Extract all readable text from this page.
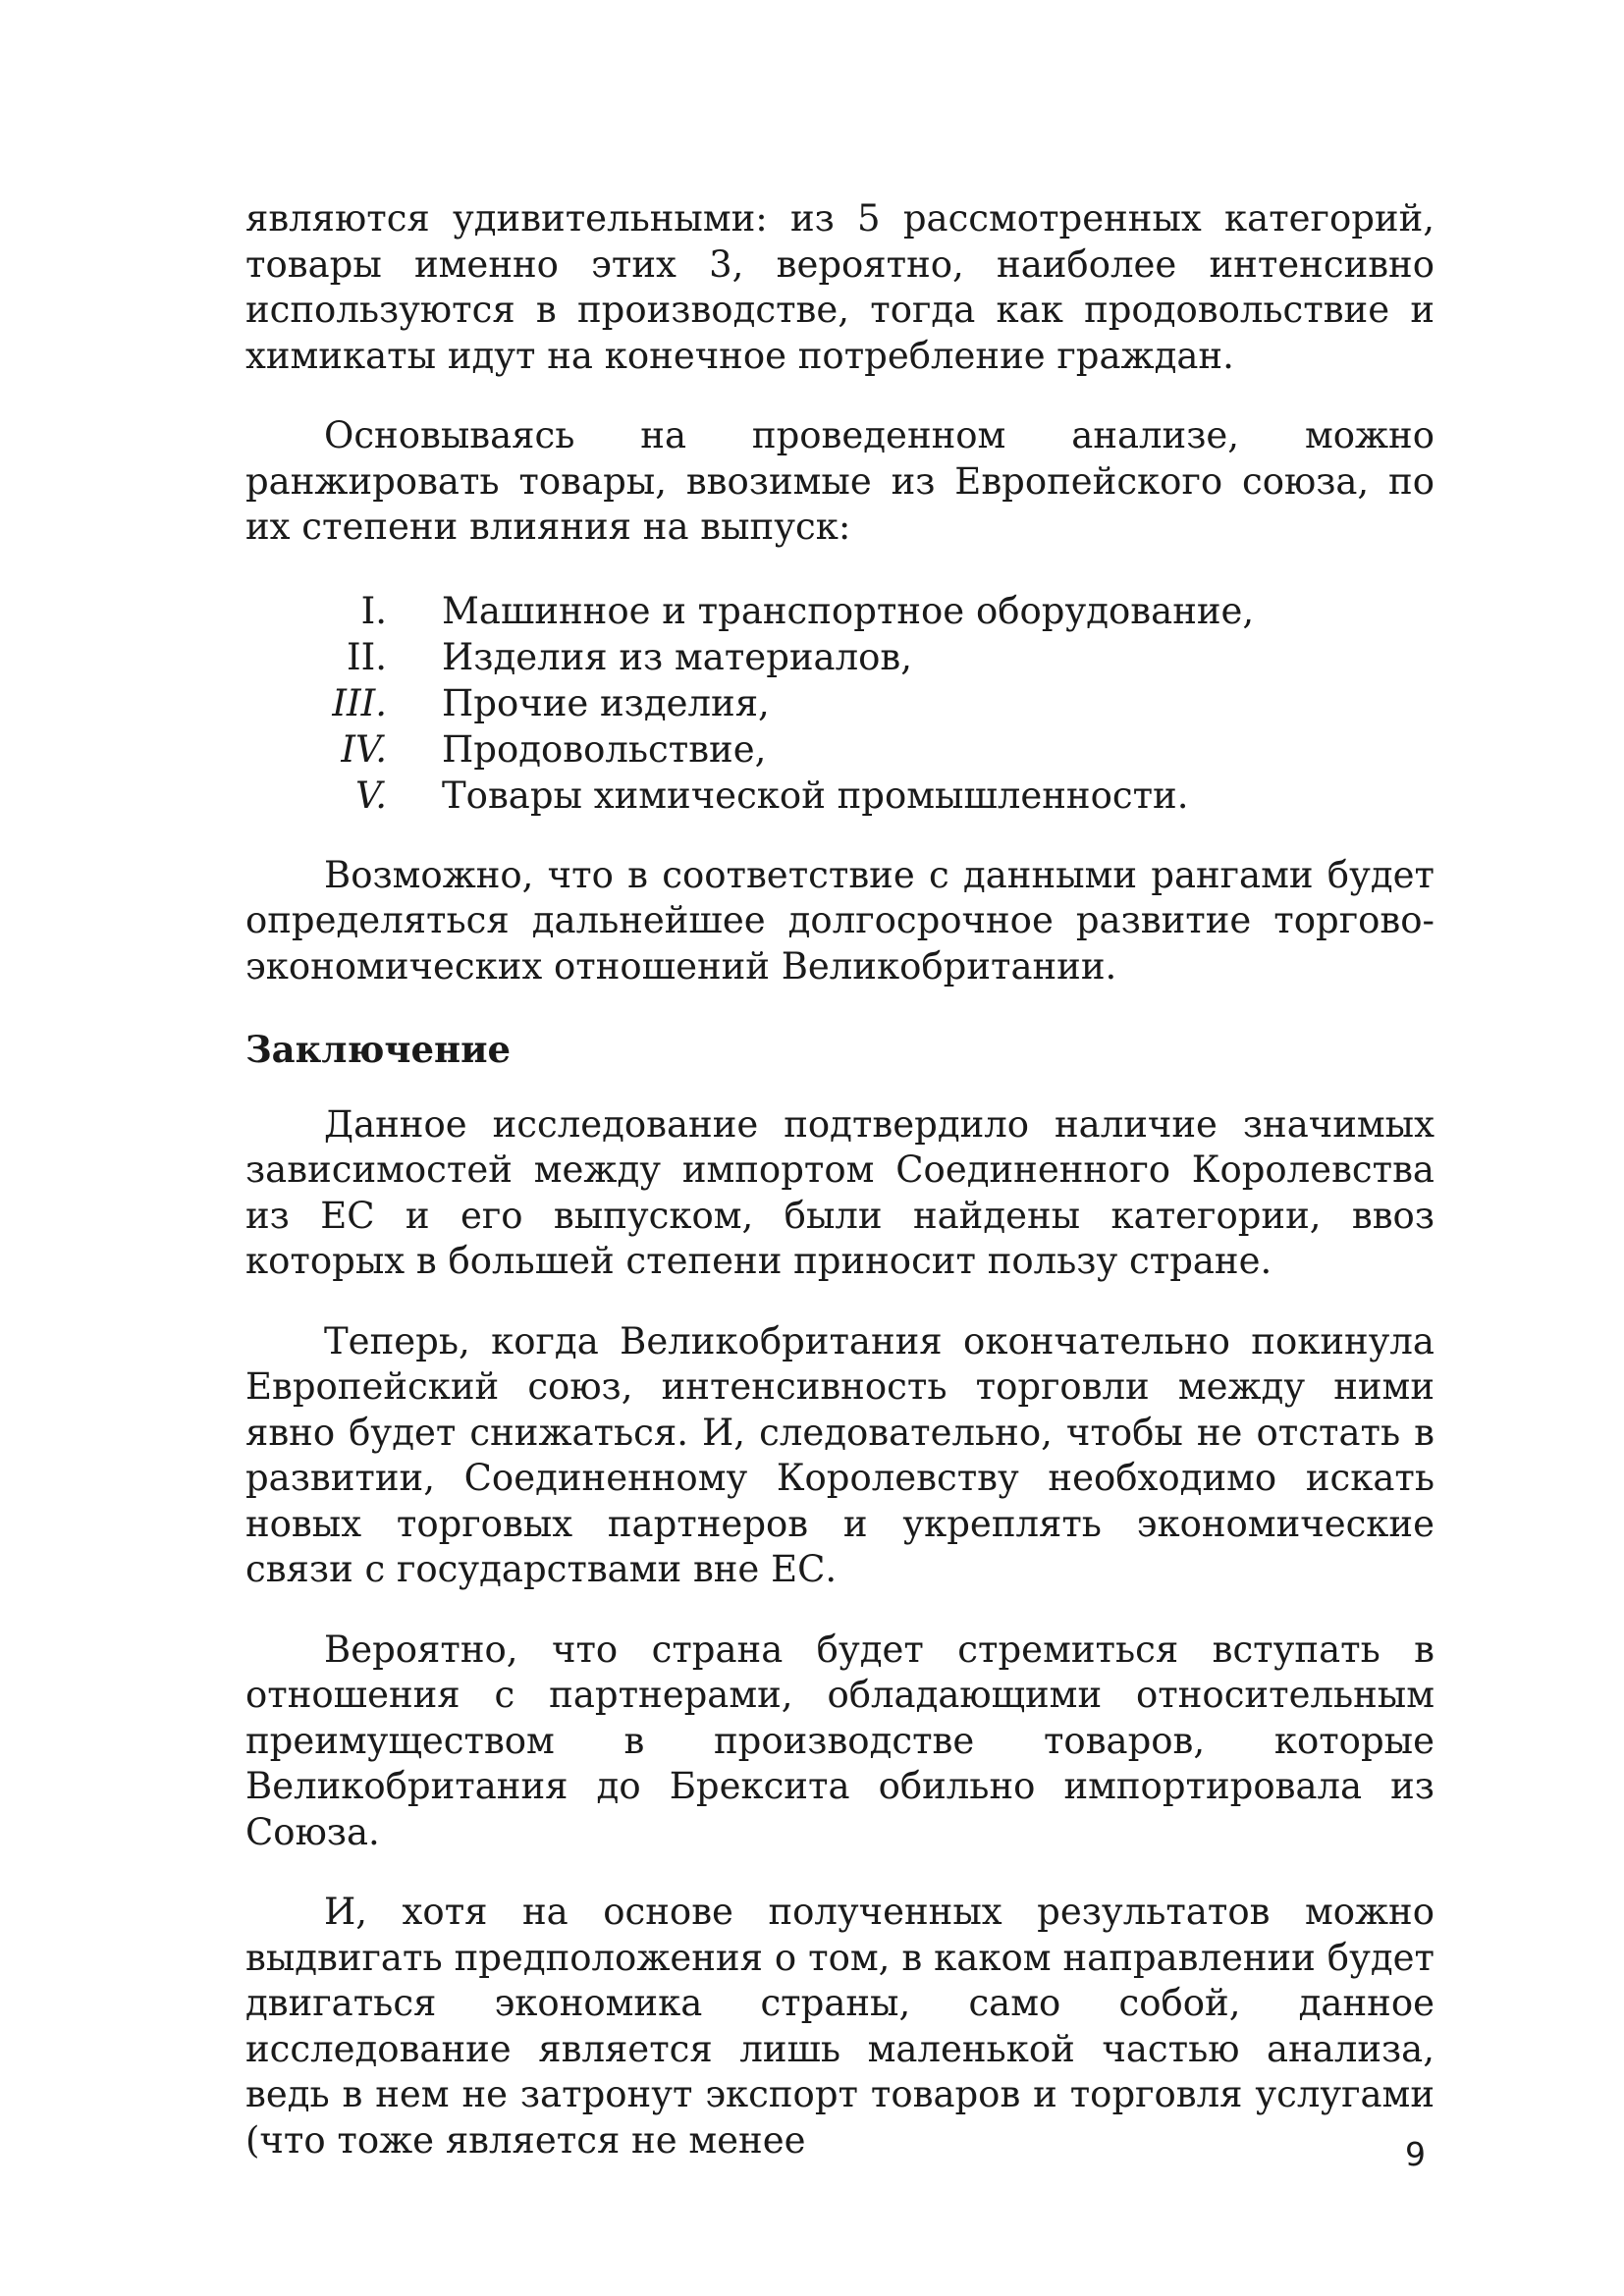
являются удивительными: из 5 рассмотренных категорий, товары именно этих 3, вероятно, наиболее интенсивно используются в производстве, тогда как продовольствие и химикаты идут на конечное потребление граждан.

Основываясь на проведенном анализе, можно ранжировать товары, ввозимые из Европейского союза, по их степени влияния на выпуск:

I. Машинное и транспортное оборудование,
II. Изделия из материалов,
III. Прочие изделия,
IV. Продовольствие,
V. Товары химической промышленности.

Возможно, что в соответствие с данными рангами будет определяться дальнейшее долгосрочное развитие торгово-экономических отношений Великобритании.

Заключение

Данное исследование подтвердило наличие значимых зависимостей между импортом Соединенного Королевства из ЕС и его выпуском, были найдены категории, ввоз которых в большей степени приносит пользу стране.

Теперь, когда Великобритания окончательно покинула Европейский союз, интенсивность торговли между ними явно будет снижаться. И, следовательно, чтобы не отстать в развитии, Соединенному Королевству необходимо искать новых торговых партнеров и укреплять экономические связи с государствами вне ЕС.

Вероятно, что страна будет стремиться вступать в отношения с партнерами, обладающими относительным преимуществом в производстве товаров, которые Великобритания до Брексита обильно импортировала из Союза.

И, хотя на основе полученных результатов можно выдвигать предположения о том, в каком направлении будет двигаться экономика страны, само собой, данное исследование является лишь маленькой частью анализа, ведь в нем не затронут экспорт товаров и торговля услугами (что тоже является не менее	9
